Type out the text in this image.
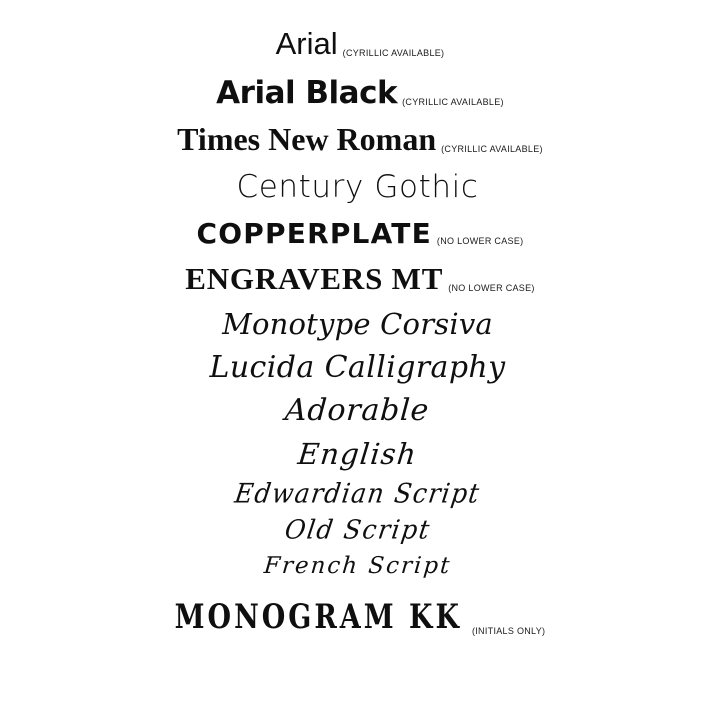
Arial (CYRILLIC AVAILABLE)
Arial Black (CYRILLIC AVAILABLE)
Times New Roman (CYRILLIC AVAILABLE)
Century Gothic
COPPERPLATE (NO LOWER CASE)
ENGRAVERS MT (NO LOWER CASE)
Monotype Corsiva
Lucida Calligraphy
Adorable
English
Edwardian Script
Old Script
French Script
MONOGRAM KK (INITIALS ONLY)
